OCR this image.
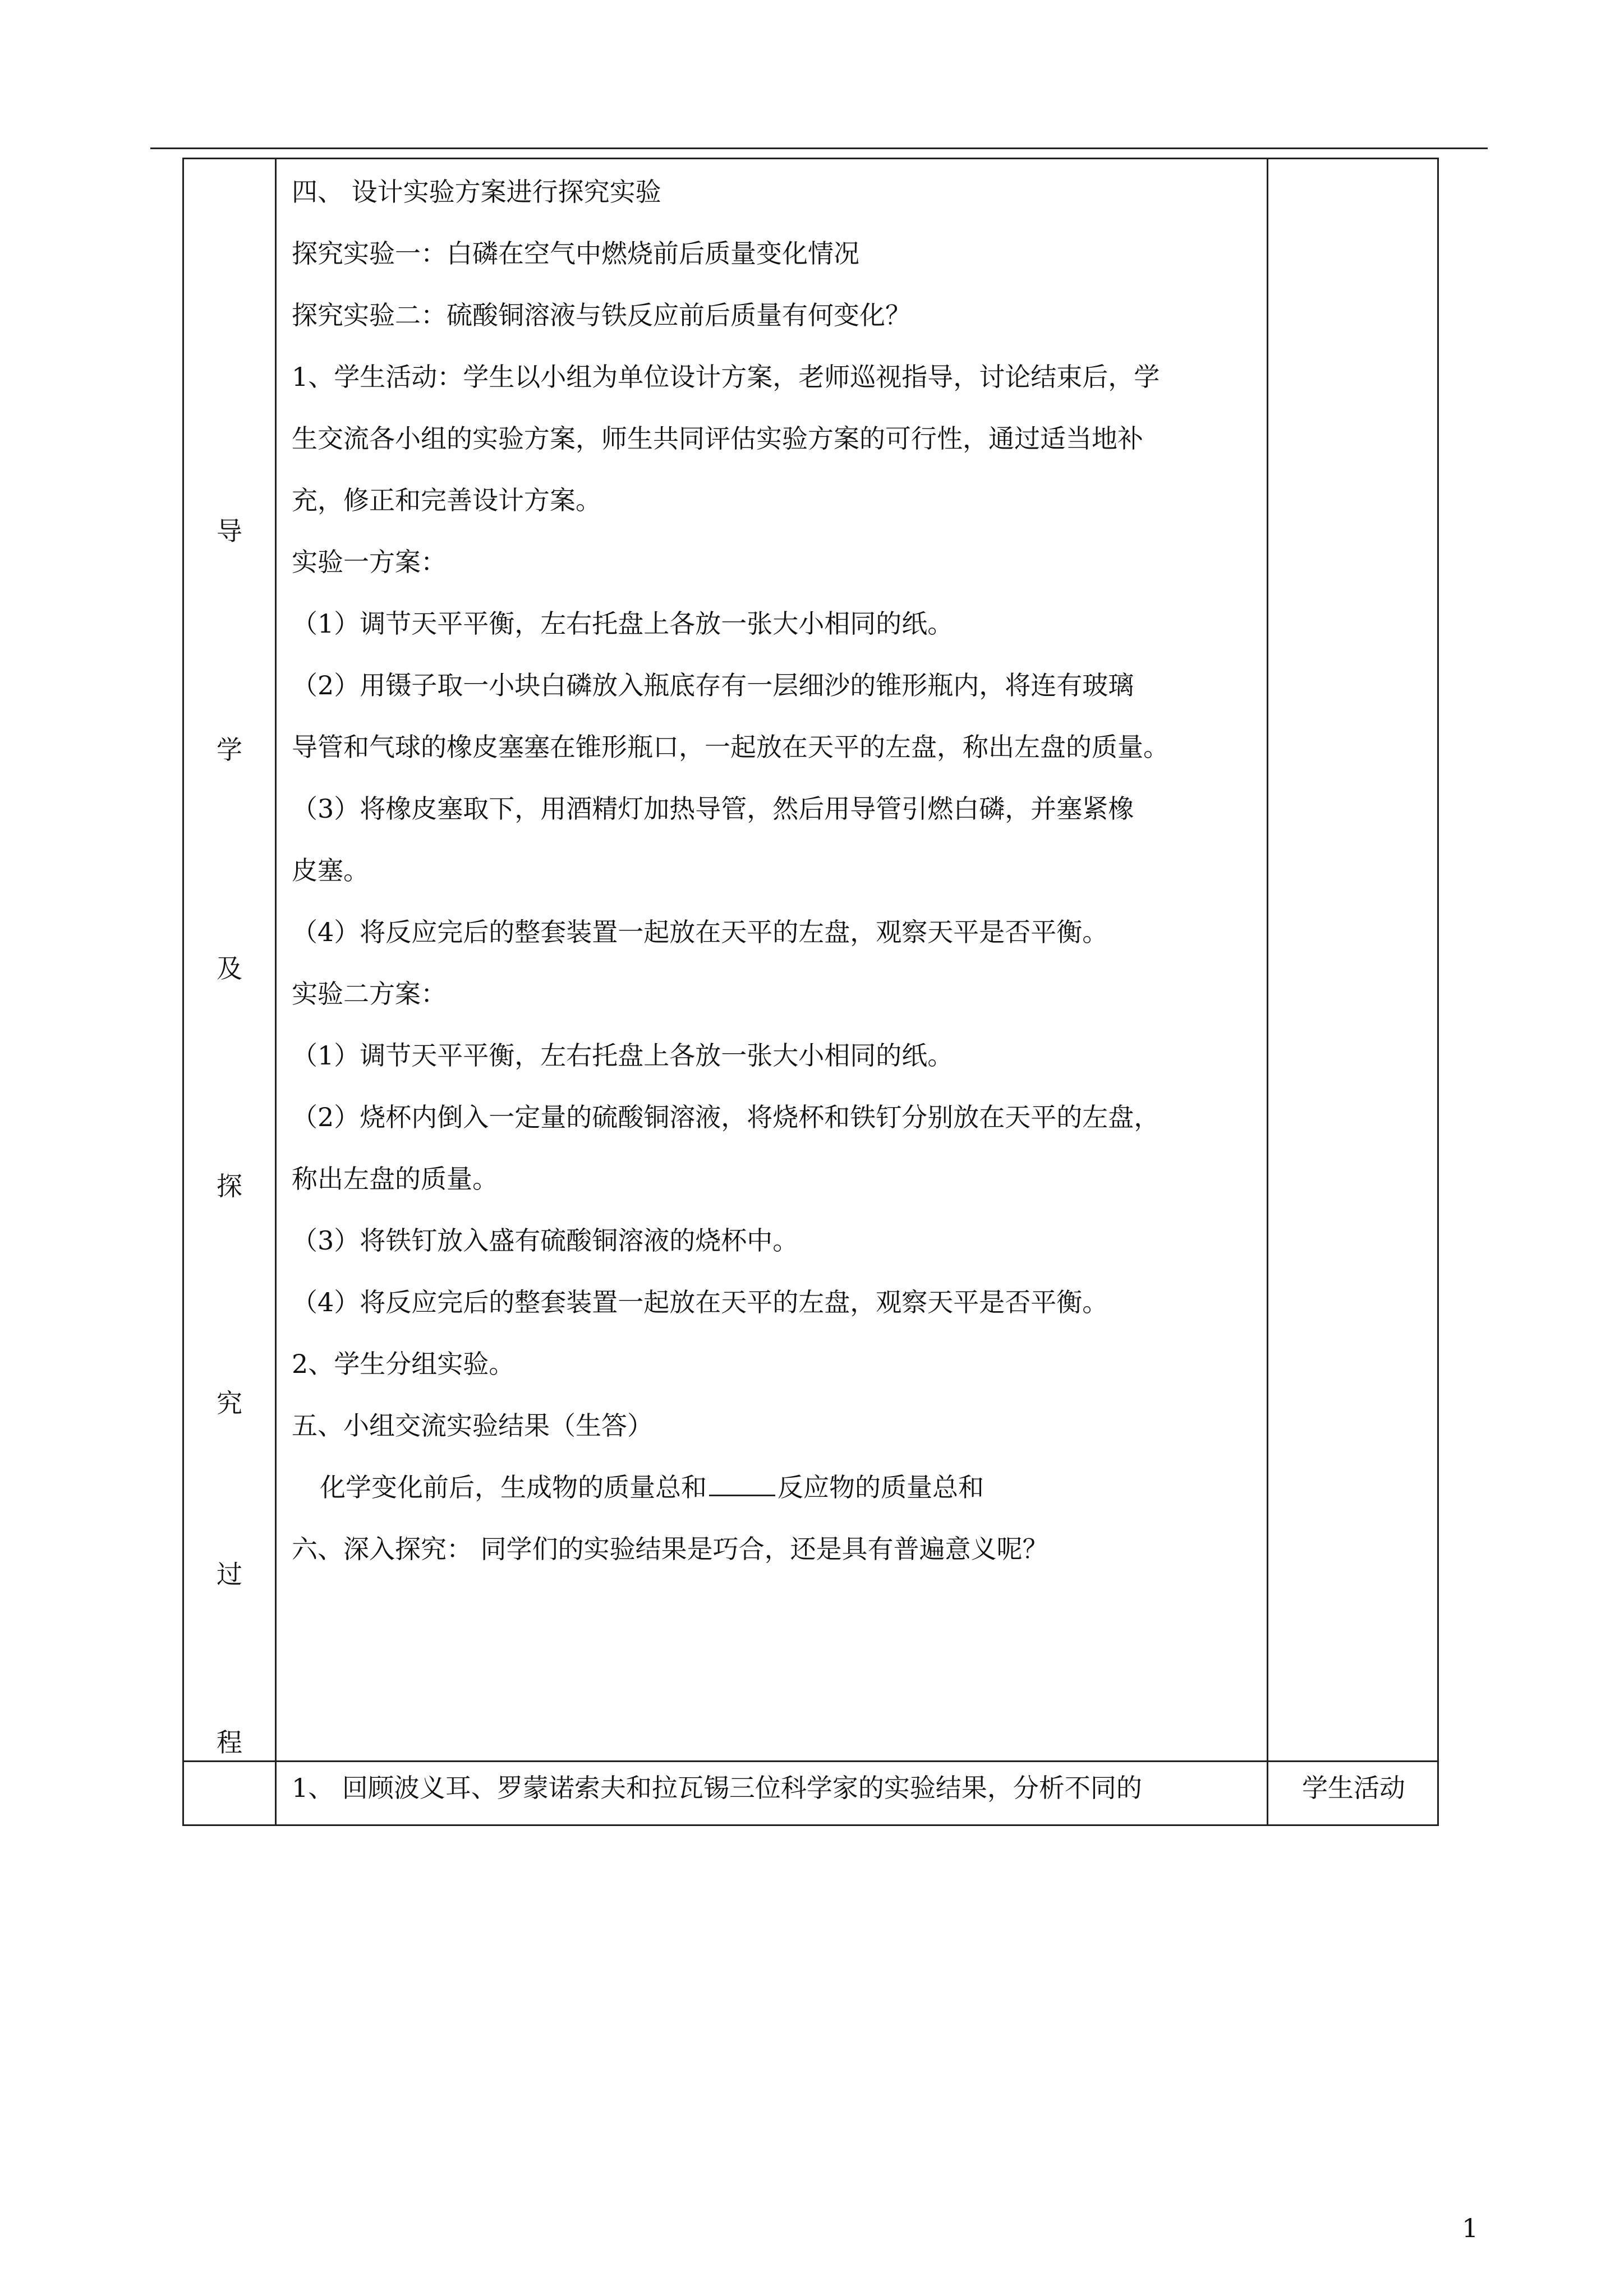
导
学
及
探
究
过
四、 设计实验方案进行探究实验
探究实验一：白磷在空气中燃烧前后质量变化情况
探究实验二：硫酸铜溶液与铁反应前后质量有何变化？
1、学生活动：学生以小组为单位设计方案，老师巡视指导，讨论结束后，学
生交流各小组的实验方案，师生共同评估实验方案的可行性，通过适当地补
充，修正和完善设计方案。
实验一方案：
（1）调节天平平衡，左右托盘上各放一张大小相同的纸。
（2）用镊子取一小块白磷放入瓶底存有一层细沙的锥形瓶内，将连有玻璃
导管和气球的橡皮塞塞在锥形瓶口，一起放在天平的左盘，称出左盘的质量。
（3）将橡皮塞取下，用酒精灯加热导管，然后用导管引燃白磷，并塞紧橡
皮塞。
（4）将反应完后的整套装置一起放在天平的左盘，观察天平是否平衡。
实验二方案：
（1）调节天平平衡，左右托盘上各放一张大小相同的纸。
（2）烧杯内倒入一定量的硫酸铜溶液，将烧杯和铁钉分别放在天平的左盘，
称出左盘的质量。
（3）将铁钉放入盛有硫酸铜溶液的烧杯中。
（4）将反应完后的整套装置一起放在天平的左盘，观察天平是否平衡。
2、学生分组实验。
五、小组交流实验结果（生答）
化学变化前后，生成物的质量总和	反应物的质量总和
六、深入探究： 同学们的实验结果是巧合，还是具有普遍意义呢？
1、 回顾波义耳、罗蒙诺索夫和拉瓦锡三位科学家的实验结果，分析不同的	学生活动
程
1
